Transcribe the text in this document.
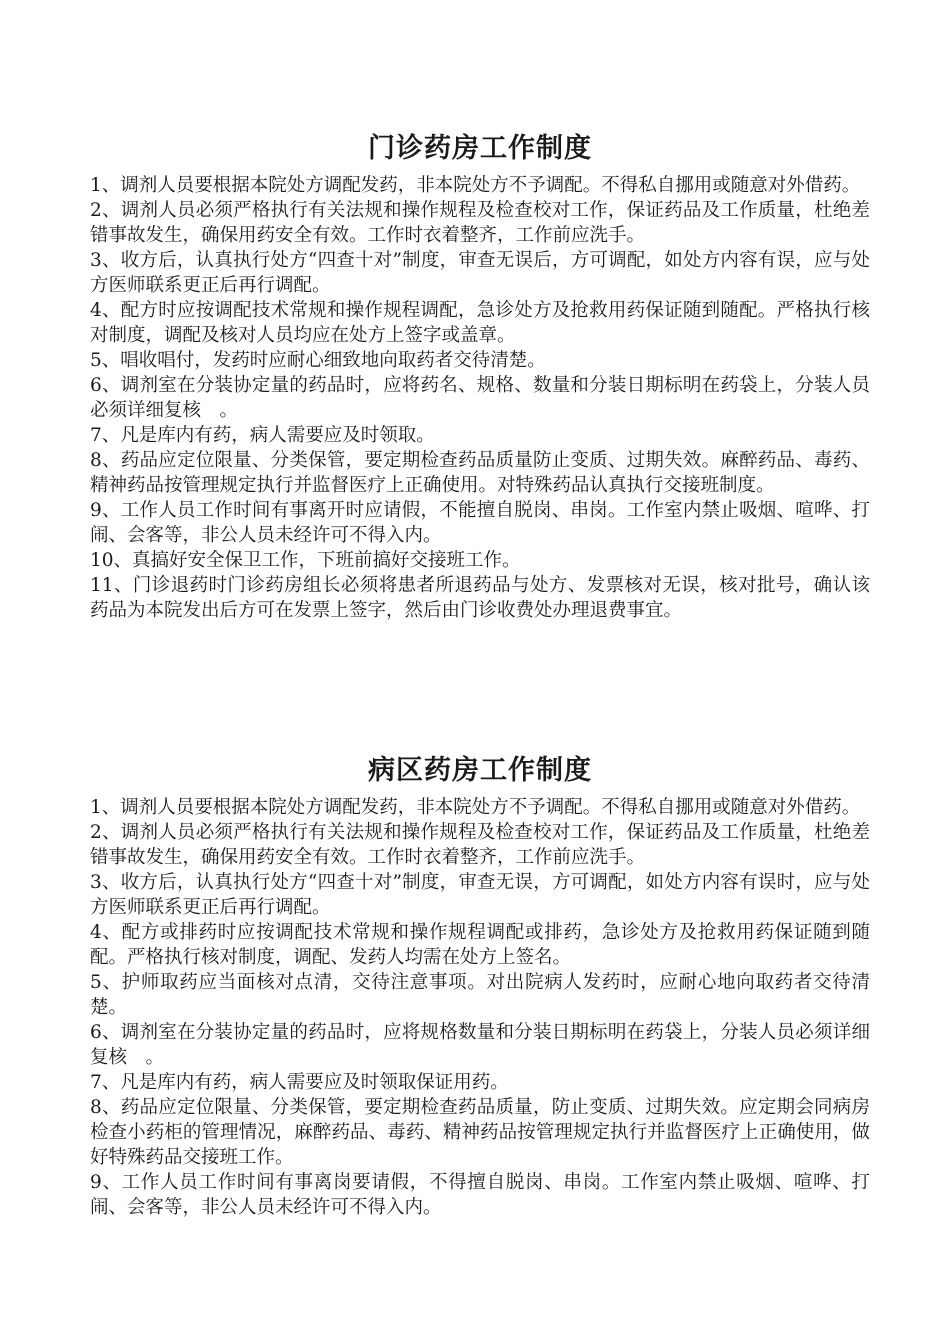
门诊药房工作制度
1、调剂人员要根据本院处方调配发药，非本院处方不予调配。不得私自挪用或随意对外借药。
2、调剂人员必须严格执行有关法规和操作规程及检查校对工作，保证药品及工作质量，杜绝差错事故发生，确保用药安全有效。工作时衣着整齐，工作前应洗手。
3、收方后，认真执行处方“四查十对”制度，审查无误后，方可调配，如处方内容有误，应与处方医师联系更正后再行调配。
4、配方时应按调配技术常规和操作规程调配，急诊处方及抢救用药保证随到随配。严格执行核对制度，调配及核对人员均应在处方上签字或盖章。
5、唱收唱付，发药时应耐心细致地向取药者交待清楚。
6、调剂室在分装协定量的药品时，应将药名、规格、数量和分装日期标明在药袋上，分装人员必须详细复核　。
7、凡是库内有药，病人需要应及时领取。
8、药品应定位限量、分类保管，要定期检查药品质量防止变质、过期失效。麻醉药品、毒药、精神药品按管理规定执行并监督医疗上正确使用。对特殊药品认真执行交接班制度。
9、工作人员工作时间有事离开时应请假，不能擅自脱岗、串岗。工作室内禁止吸烟、喧哗、打闹、会客等，非公人员未经许可不得入内。
10、真搞好安全保卫工作，下班前搞好交接班工作。
11、门诊退药时门诊药房组长必须将患者所退药品与处方、发票核对无误，核对批号，确认该药品为本院发出后方可在发票上签字，然后由门诊收费处办理退费事宜。
病区药房工作制度
1、调剂人员要根据本院处方调配发药，非本院处方不予调配。不得私自挪用或随意对外借药。
2、调剂人员必须严格执行有关法规和操作规程及检查校对工作，保证药品及工作质量，杜绝差错事故发生，确保用药安全有效。工作时衣着整齐，工作前应洗手。
3、收方后，认真执行处方“四查十对”制度，审查无误，方可调配，如处方内容有误时，应与处方医师联系更正后再行调配。
4、配方或排药时应按调配技术常规和操作规程调配或排药，急诊处方及抢救用药保证随到随配。严格执行核对制度，调配、发药人均需在处方上签名。
5、护师取药应当面核对点清，交待注意事项。对出院病人发药时，应耐心地向取药者交待清楚。
6、调剂室在分装协定量的药品时，应将规格数量和分装日期标明在药袋上，分装人员必须详细复核　。
7、凡是库内有药，病人需要应及时领取保证用药。
8、药品应定位限量、分类保管，要定期检查药品质量，防止变质、过期失效。应定期会同病房检查小药柜的管理情况，麻醉药品、毒药、精神药品按管理规定执行并监督医疗上正确使用，做好特殊药品交接班工作。
9、工作人员工作时间有事离岗要请假，不得擅自脱岗、串岗。工作室内禁止吸烟、喧哗、打闹、会客等，非公人员未经许可不得入内。
